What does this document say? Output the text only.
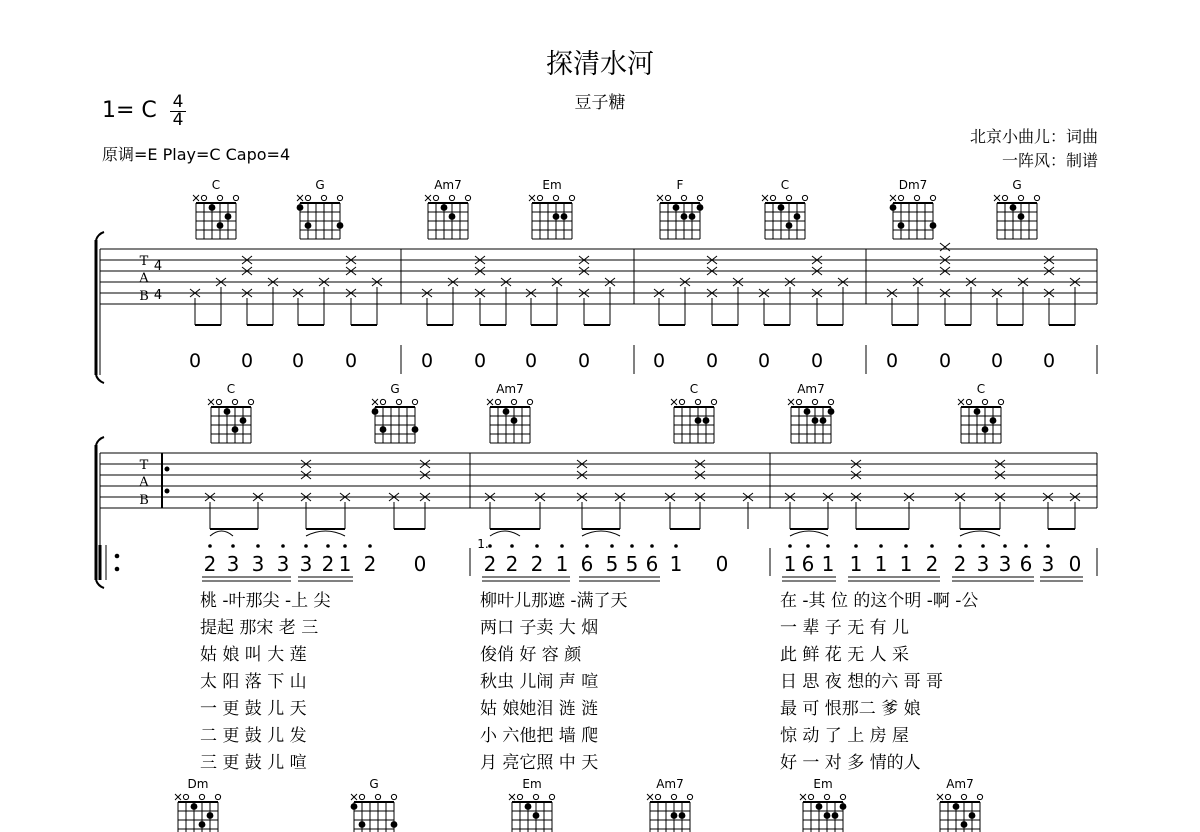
探清水河
豆子糖
1= C 4
4
原调=E Play=C Capo=4
北京小曲儿：词曲
一阵风：制谱
C	G	Am7	Em	F	C	Dm7	G
T
A
B
4
4
0 0 0 0	0 0 0 0	0 0 0 0	0 0 0 0
C	G	Am7	C	Am7	C
T
A
B
2 3 3 3 3 2 1 2 0	2 2 2 1 6 5 5 6 1 0	1 6 1 1 1 1 2 2 3 3 6 3 0
1.
Dm	G	Em	Am7	Em	Am7
桃 -叶那尖 -上 尖	柳叶儿那遮 -满了天	在 -其 位 的这个明 -啊 -公
提起 那宋 老 三	两口 子卖 大 烟	一 辈 子 无 有 儿
姑 娘 叫 大 莲	俊俏 好 容 颜	此 鲜 花 无 人 采
太 阳 落 下 山	秋虫 儿闹 声 喧	日 思 夜 想的六 哥 哥
一 更 鼓 儿 天	姑 娘她泪 涟 涟	最 可 恨那二 爹 娘
二 更 鼓 儿 发	小 六他把 墙 爬	惊 动 了 上 房 屋
三 更 鼓 儿 喧	月 亮它照 中 天	好 一 对 多 情的人
